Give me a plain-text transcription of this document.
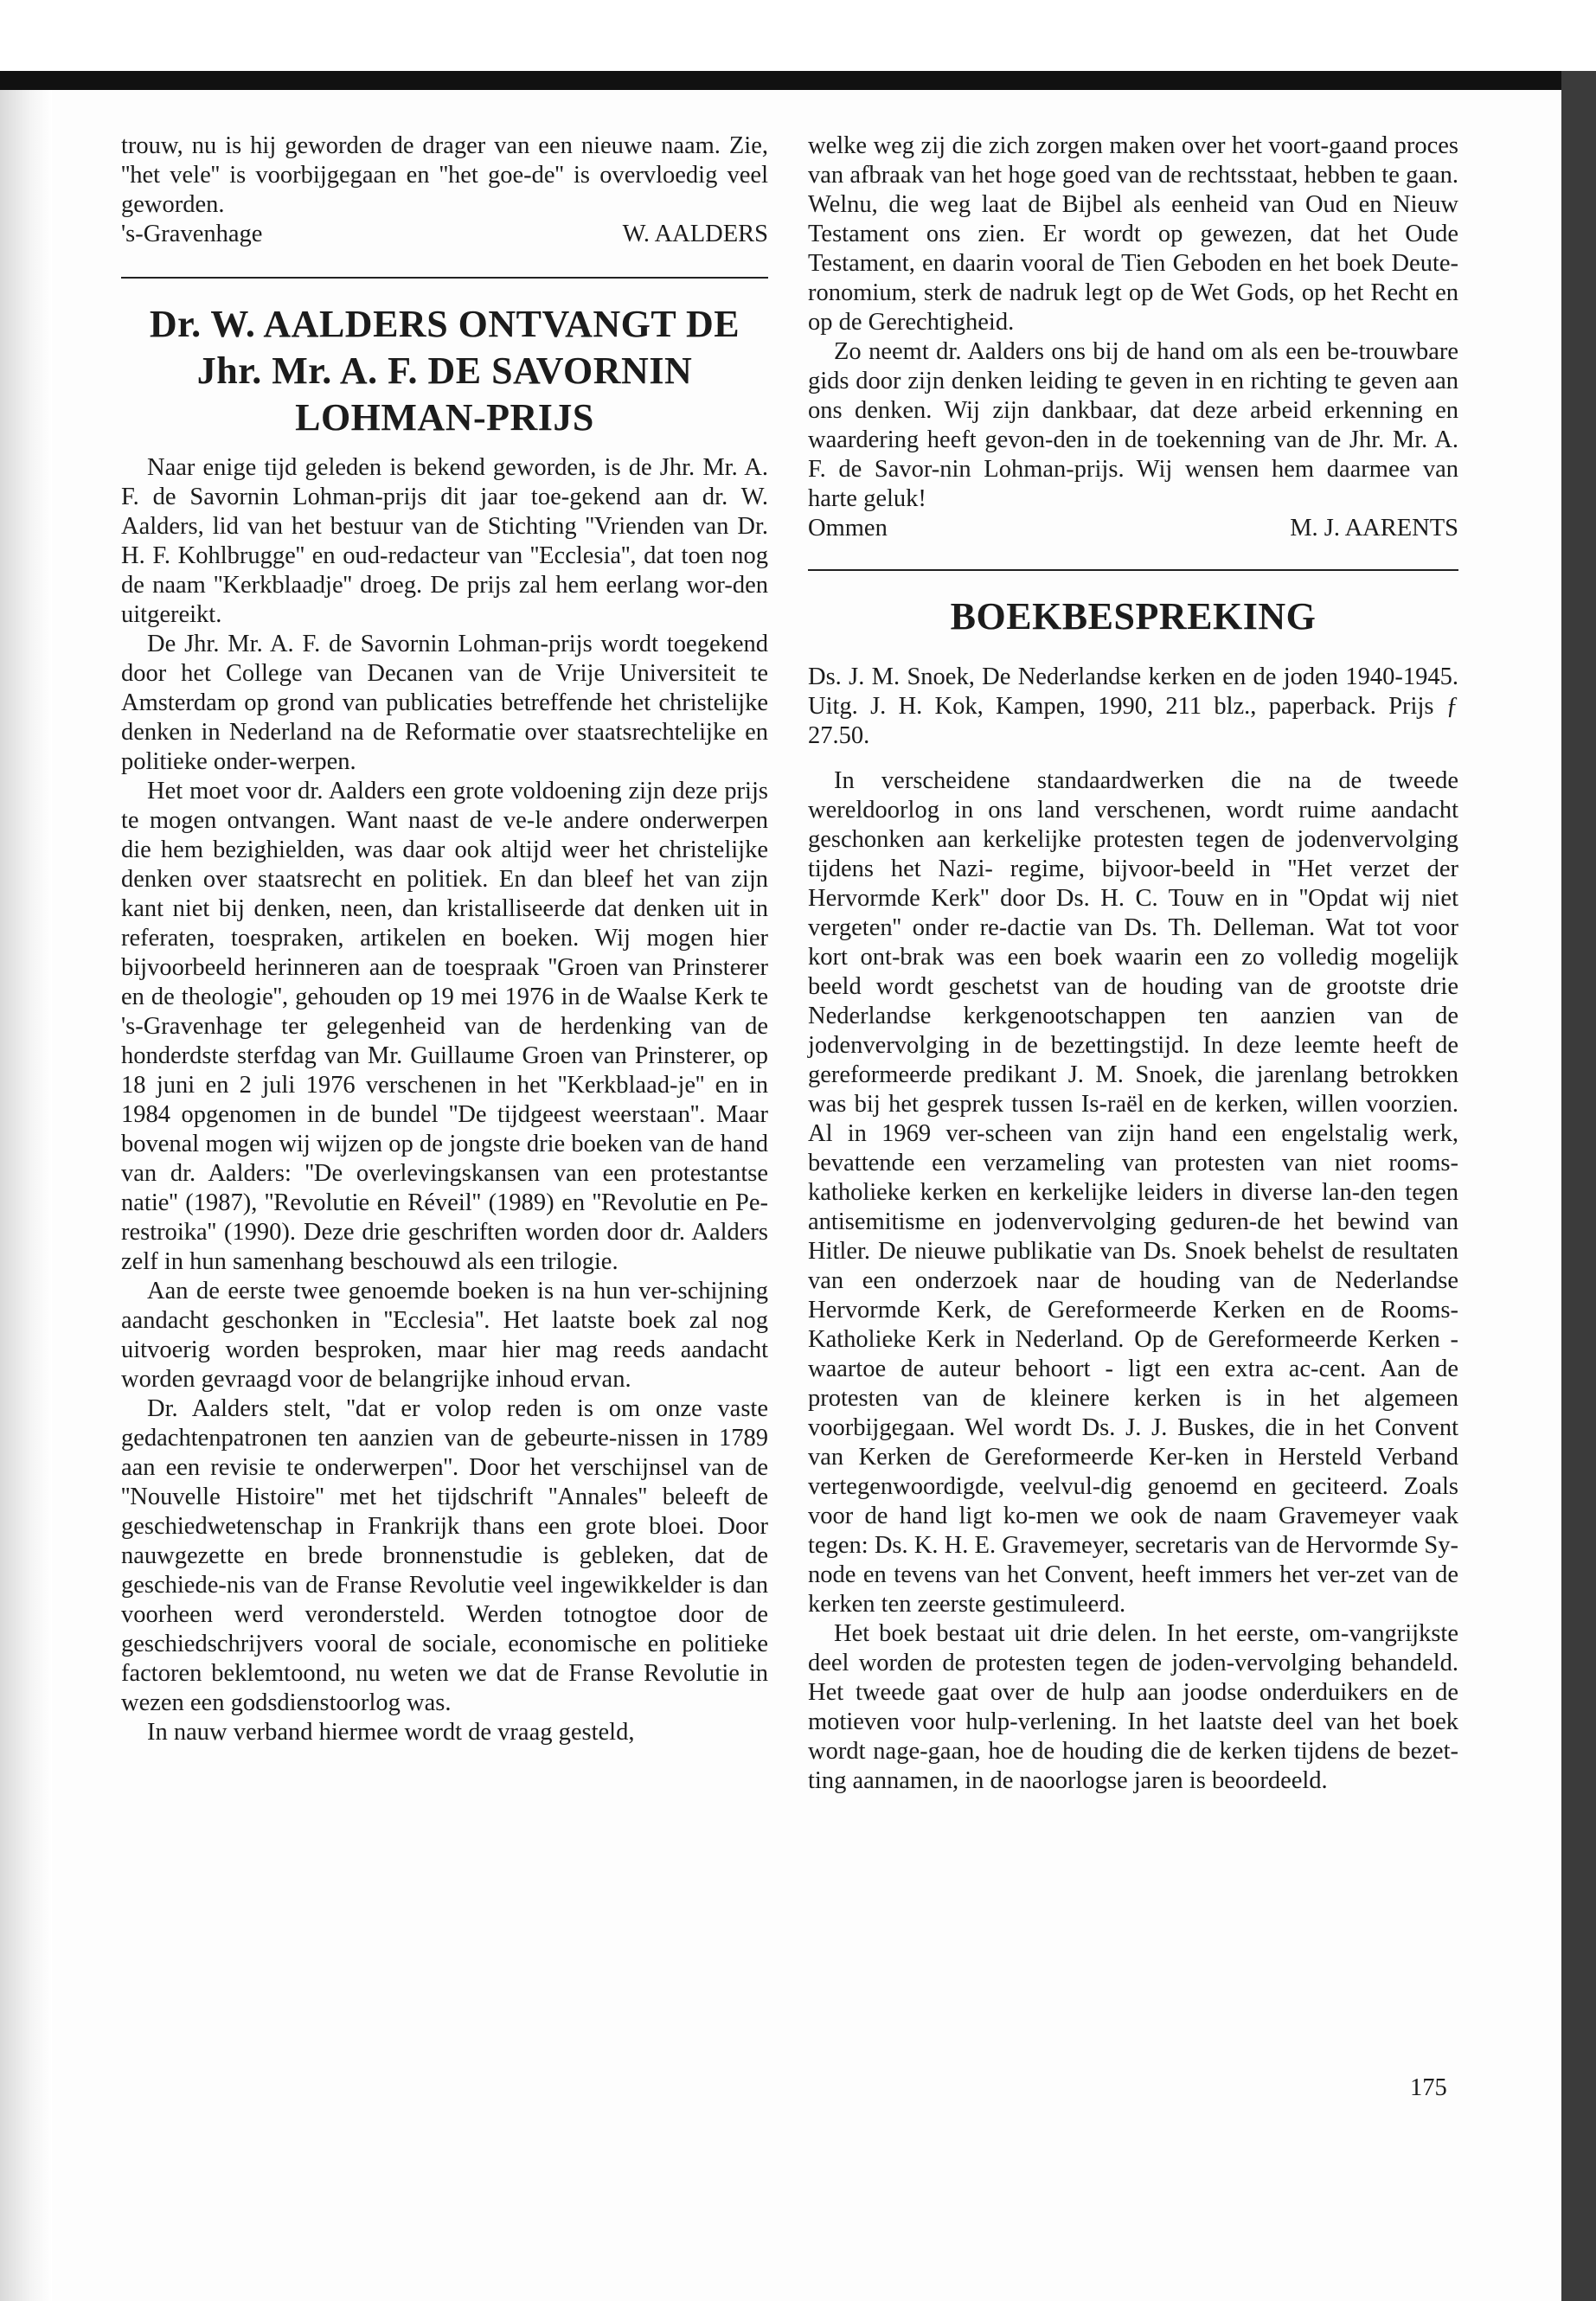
trouw, nu is hij geworden de drager van een nieuwe naam. Zie, ''het vele'' is voorbijgegaan en ''het goe-de'' is overvloedig veel geworden.

's-Gravenhage	W. AALDERS
Dr. W. AALDERS ONTVANGT DE
Jhr. Mr. A. F. DE SAVORNIN
LOHMAN-PRIJS

Naar enige tijd geleden is bekend geworden, is de Jhr. Mr. A. F. de Savornin Lohman-prijs dit jaar toe-gekend aan dr. W. Aalders, lid van het bestuur van de Stichting ''Vrienden van Dr. H. F. Kohlbrugge'' en oud-redacteur van ''Ecclesia'', dat toen nog de naam ''Kerkblaadje'' droeg. De prijs zal hem eerlang wor-den uitgereikt.

De Jhr. Mr. A. F. de Savornin Lohman-prijs wordt toegekend door het College van Decanen van de Vrije Universiteit te Amsterdam op grond van publicaties betreffende het christelijke denken in Nederland na de Reformatie over staatsrechtelijke en politieke onder-werpen.

Het moet voor dr. Aalders een grote voldoening zijn deze prijs te mogen ontvangen. Want naast de ve-le andere onderwerpen die hem bezighielden, was daar ook altijd weer het christelijke denken over staatsrecht en politiek. En dan bleef het van zijn kant niet bij denken, neen, dan kristalliseerde dat denken uit in referaten, toespraken, artikelen en boeken. Wij mogen hier bijvoorbeeld herinneren aan de toespraak ''Groen van Prinsterer en de theologie'', gehouden op 19 mei 1976 in de Waalse Kerk te 's-Gravenhage ter gelegenheid van de herdenking van de honderdste sterfdag van Mr. Guillaume Groen van Prinsterer, op 18 juni en 2 juli 1976 verschenen in het ''Kerkblaad-je'' en in 1984 opgenomen in de bundel ''De tijdgeest weerstaan''. Maar bovenal mogen wij wijzen op de jongste drie boeken van de hand van dr. Aalders: ''De overlevingskansen van een protestantse natie'' (1987), ''Revolutie en Réveil'' (1989) en ''Revolutie en Pe-restroika'' (1990). Deze drie geschriften worden door dr. Aalders zelf in hun samenhang beschouwd als een trilogie.

Aan de eerste twee genoemde boeken is na hun ver-schijning aandacht geschonken in ''Ecclesia''. Het laatste boek zal nog uitvoerig worden besproken, maar hier mag reeds aandacht worden gevraagd voor de belangrijke inhoud ervan.

Dr. Aalders stelt, ''dat er volop reden is om onze vaste gedachtenpatronen ten aanzien van de gebeurte-nissen in 1789 aan een revisie te onderwerpen''. Door het verschijnsel van de ''Nouvelle Histoire'' met het tijdschrift ''Annales'' beleeft de geschiedwetenschap in Frankrijk thans een grote bloei. Door nauwgezette en brede bronnenstudie is gebleken, dat de geschiede-nis van de Franse Revolutie veel ingewikkelder is dan voorheen werd verondersteld. Werden totnogtoe door de geschiedschrijvers vooral de sociale, economische en politieke factoren beklemtoond, nu weten we dat de Franse Revolutie in wezen een godsdienstoorlog was.

In nauw verband hiermee wordt de vraag gesteld,

welke weg zij die zich zorgen maken over het voort-gaand proces van afbraak van het hoge goed van de rechtsstaat, hebben te gaan. Welnu, die weg laat de Bijbel als eenheid van Oud en Nieuw Testament ons zien. Er wordt op gewezen, dat het Oude Testament, en daarin vooral de Tien Geboden en het boek Deute-ronomium, sterk de nadruk legt op de Wet Gods, op het Recht en op de Gerechtigheid.

Zo neemt dr. Aalders ons bij de hand om als een be-trouwbare gids door zijn denken leiding te geven in en richting te geven aan ons denken. Wij zijn dankbaar, dat deze arbeid erkenning en waardering heeft gevon-den in de toekenning van de Jhr. Mr. A. F. de Savor-nin Lohman-prijs. Wij wensen hem daarmee van harte geluk!

Ommen	M. J. AARENTS
BOEKBESPREKING

Ds. J. M. Snoek, De Nederlandse kerken en de joden 1940-1945. Uitg. J. H. Kok, Kampen, 1990, 211 blz., paperback. Prijs ƒ 27.50.

In verscheidene standaardwerken die na de tweede wereldoorlog in ons land verschenen, wordt ruime aandacht geschonken aan kerkelijke protesten tegen de jodenvervolging tijdens het Nazi- regime, bijvoor-beeld in ''Het verzet der Hervormde Kerk'' door Ds. H. C. Touw en in ''Opdat wij niet vergeten'' onder re-dactie van Ds. Th. Delleman. Wat tot voor kort ont-brak was een boek waarin een zo volledig mogelijk beeld wordt geschetst van de houding van de grootste drie Nederlandse kerkgenootschappen ten aanzien van de jodenvervolging in de bezettingstijd. In deze leemte heeft de gereformeerde predikant J. M. Snoek, die jarenlang betrokken was bij het gesprek tussen Is-raël en de kerken, willen voorzien. Al in 1969 ver-scheen van zijn hand een engelstalig werk, bevattende een verzameling van protesten van niet rooms-katholieke kerken en kerkelijke leiders in diverse lan-den tegen antisemitisme en jodenvervolging geduren-de het bewind van Hitler. De nieuwe publikatie van Ds. Snoek behelst de resultaten van een onderzoek naar de houding van de Nederlandse Hervormde Kerk, de Gereformeerde Kerken en de Rooms-Katholieke Kerk in Nederland. Op de Gereformeerde Kerken - waartoe de auteur behoort - ligt een extra ac-cent. Aan de protesten van de kleinere kerken is in het algemeen voorbijgegaan. Wel wordt Ds. J. J. Buskes, die in het Convent van Kerken de Gereformeerde Ker-ken in Hersteld Verband vertegenwoordigde, veelvul-dig genoemd en geciteerd. Zoals voor de hand ligt ko-men we ook de naam Gravemeyer vaak tegen: Ds. K. H. E. Gravemeyer, secretaris van de Hervormde Sy-node en tevens van het Convent, heeft immers het ver-zet van de kerken ten zeerste gestimuleerd.

Het boek bestaat uit drie delen. In het eerste, om-vangrijkste deel worden de protesten tegen de joden-vervolging behandeld. Het tweede gaat over de hulp aan joodse onderduikers en de motieven voor hulp-verlening. In het laatste deel van het boek wordt nage-gaan, hoe de houding die de kerken tijdens de bezet-ting aannamen, in de naoorlogse jaren is beoordeeld.

175
